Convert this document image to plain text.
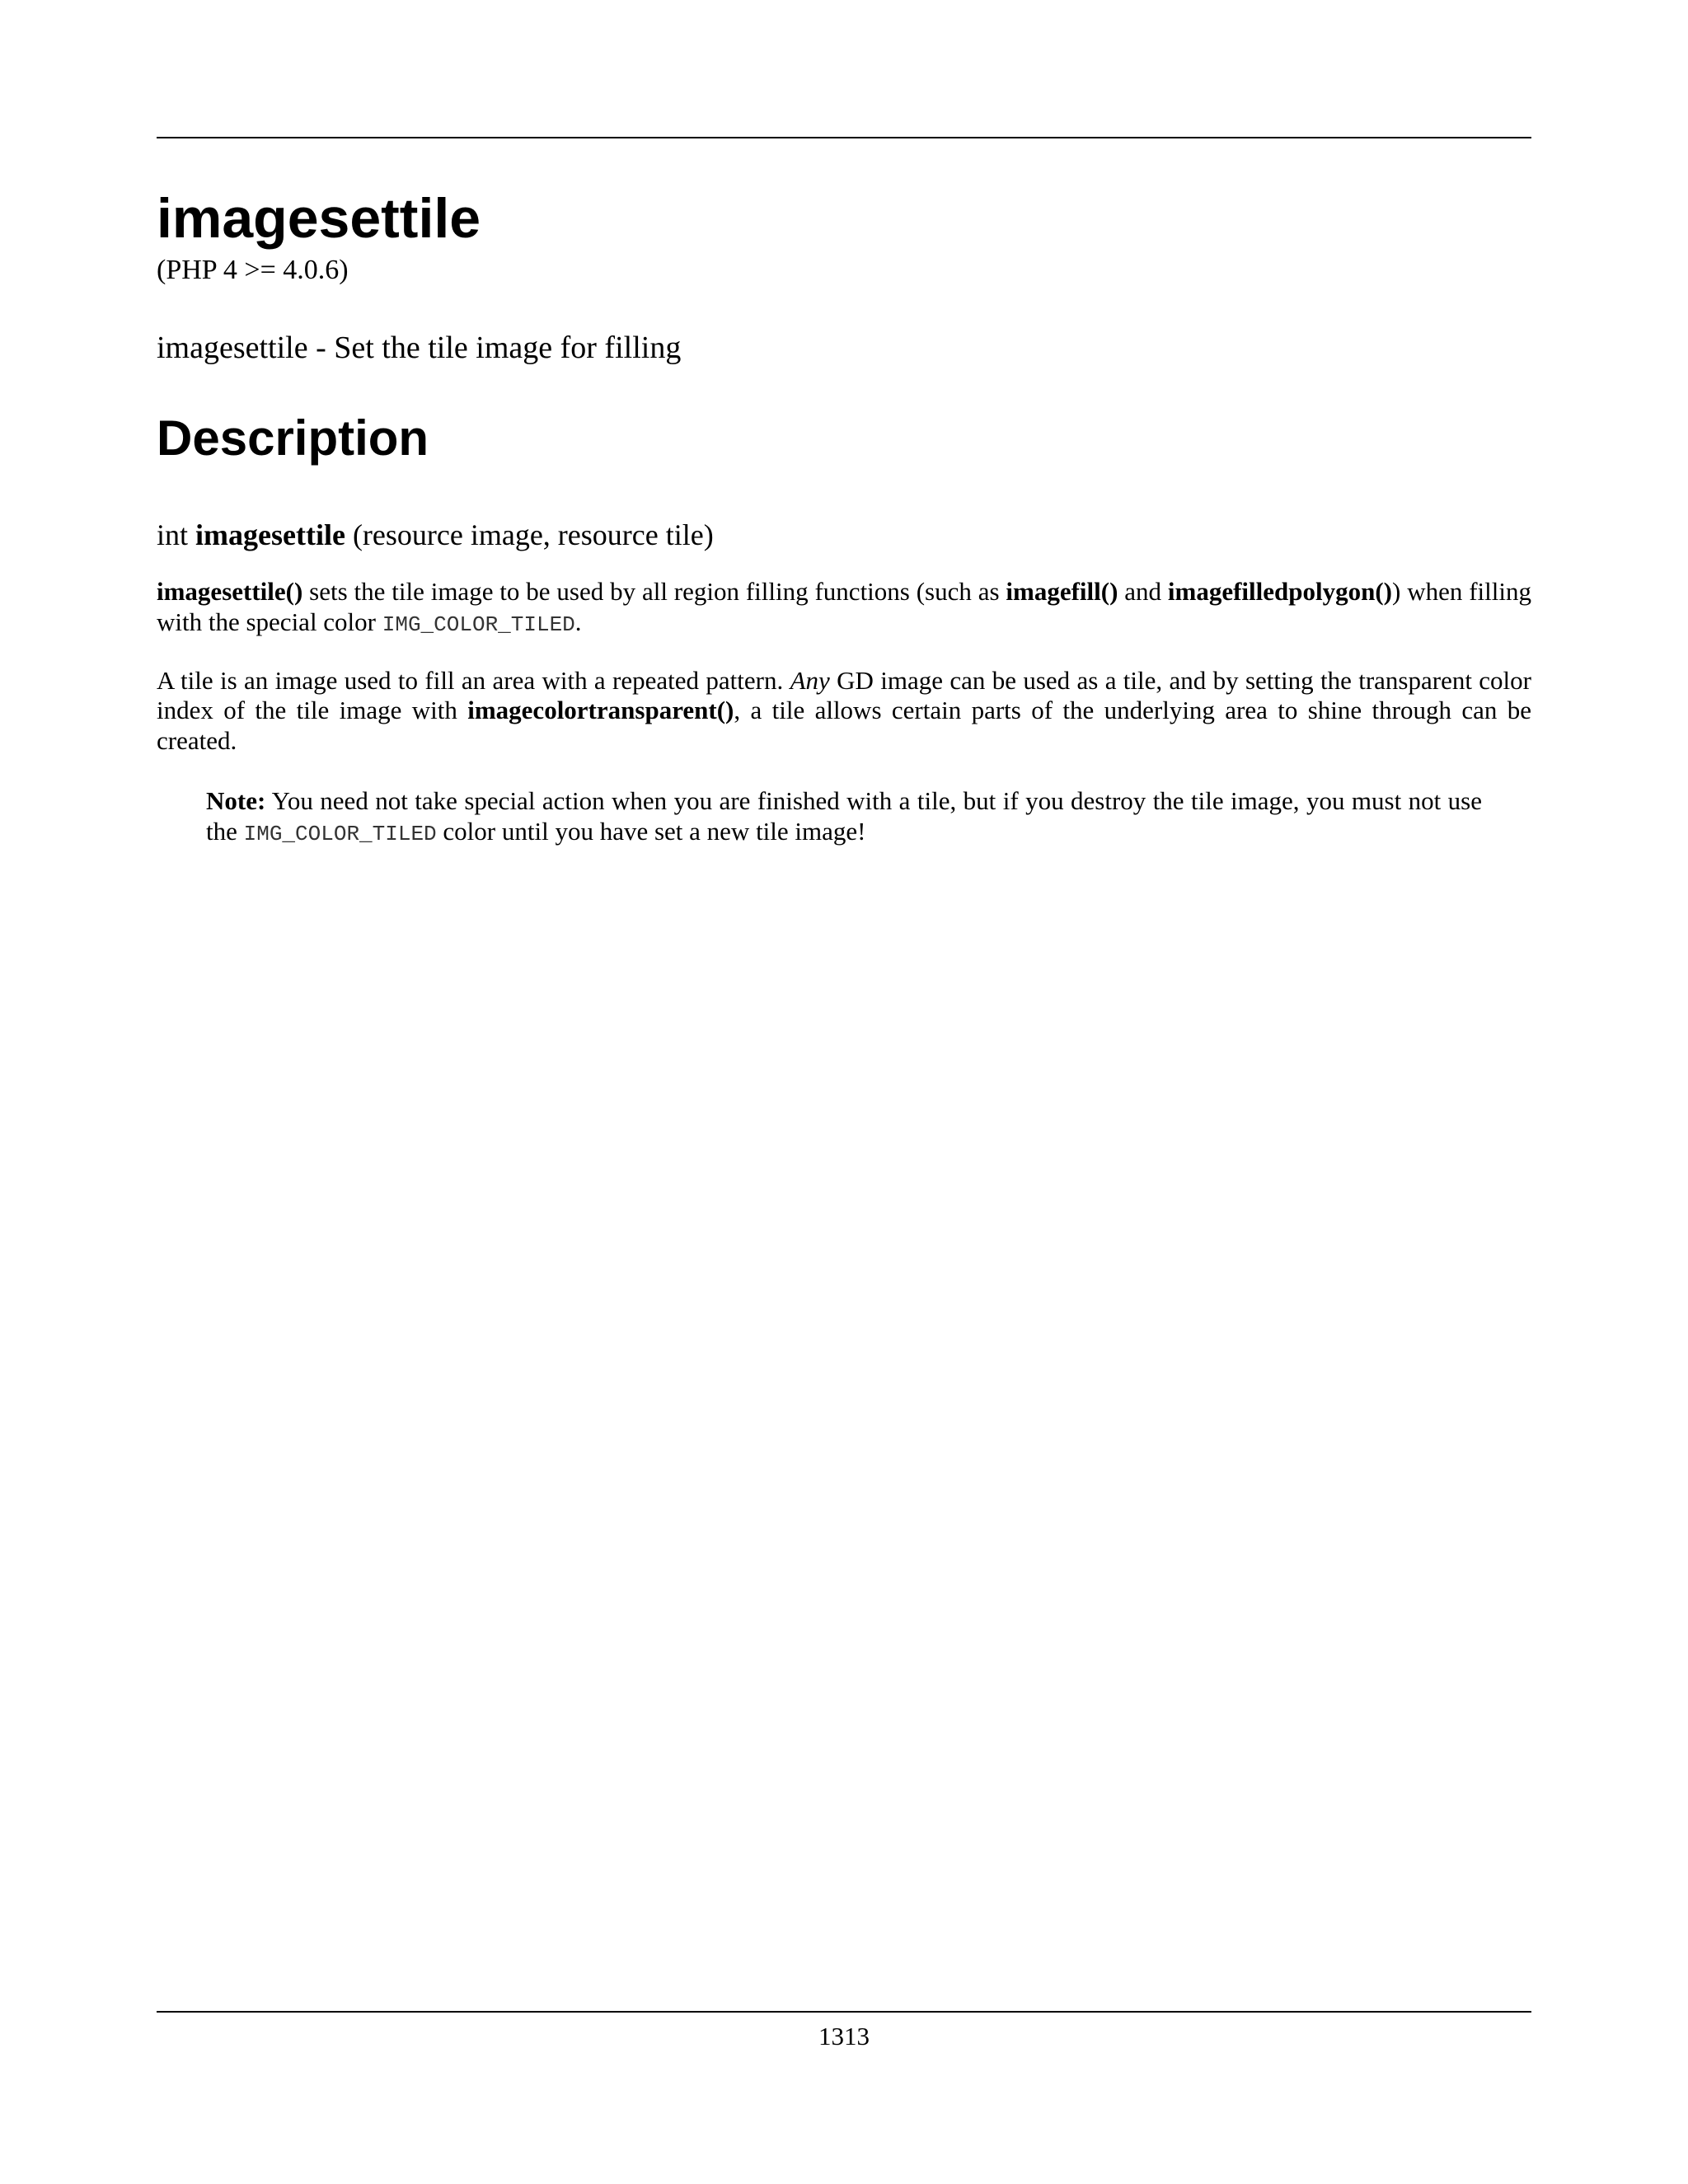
imagesettile

(PHP 4 >= 4.0.6)

imagesettile - Set the tile image for filling

Description

int imagesettile (resource image, resource tile)

imagesettile() sets the tile image to be used by all region filling functions (such as imagefill() and imagefilledpolygon()) when filling with the special color IMG_COLOR_TILED.

A tile is an image used to fill an area with a repeated pattern. Any GD image can be used as a tile, and by setting the transparent color index of the tile image with imagecolortransparent(), a tile allows certain parts of the underlying area to shine through can be created.

Note: You need not take special action when you are finished with a tile, but if you destroy the tile image, you must not use the IMG_COLOR_TILED color until you have set a new tile image!

1313
